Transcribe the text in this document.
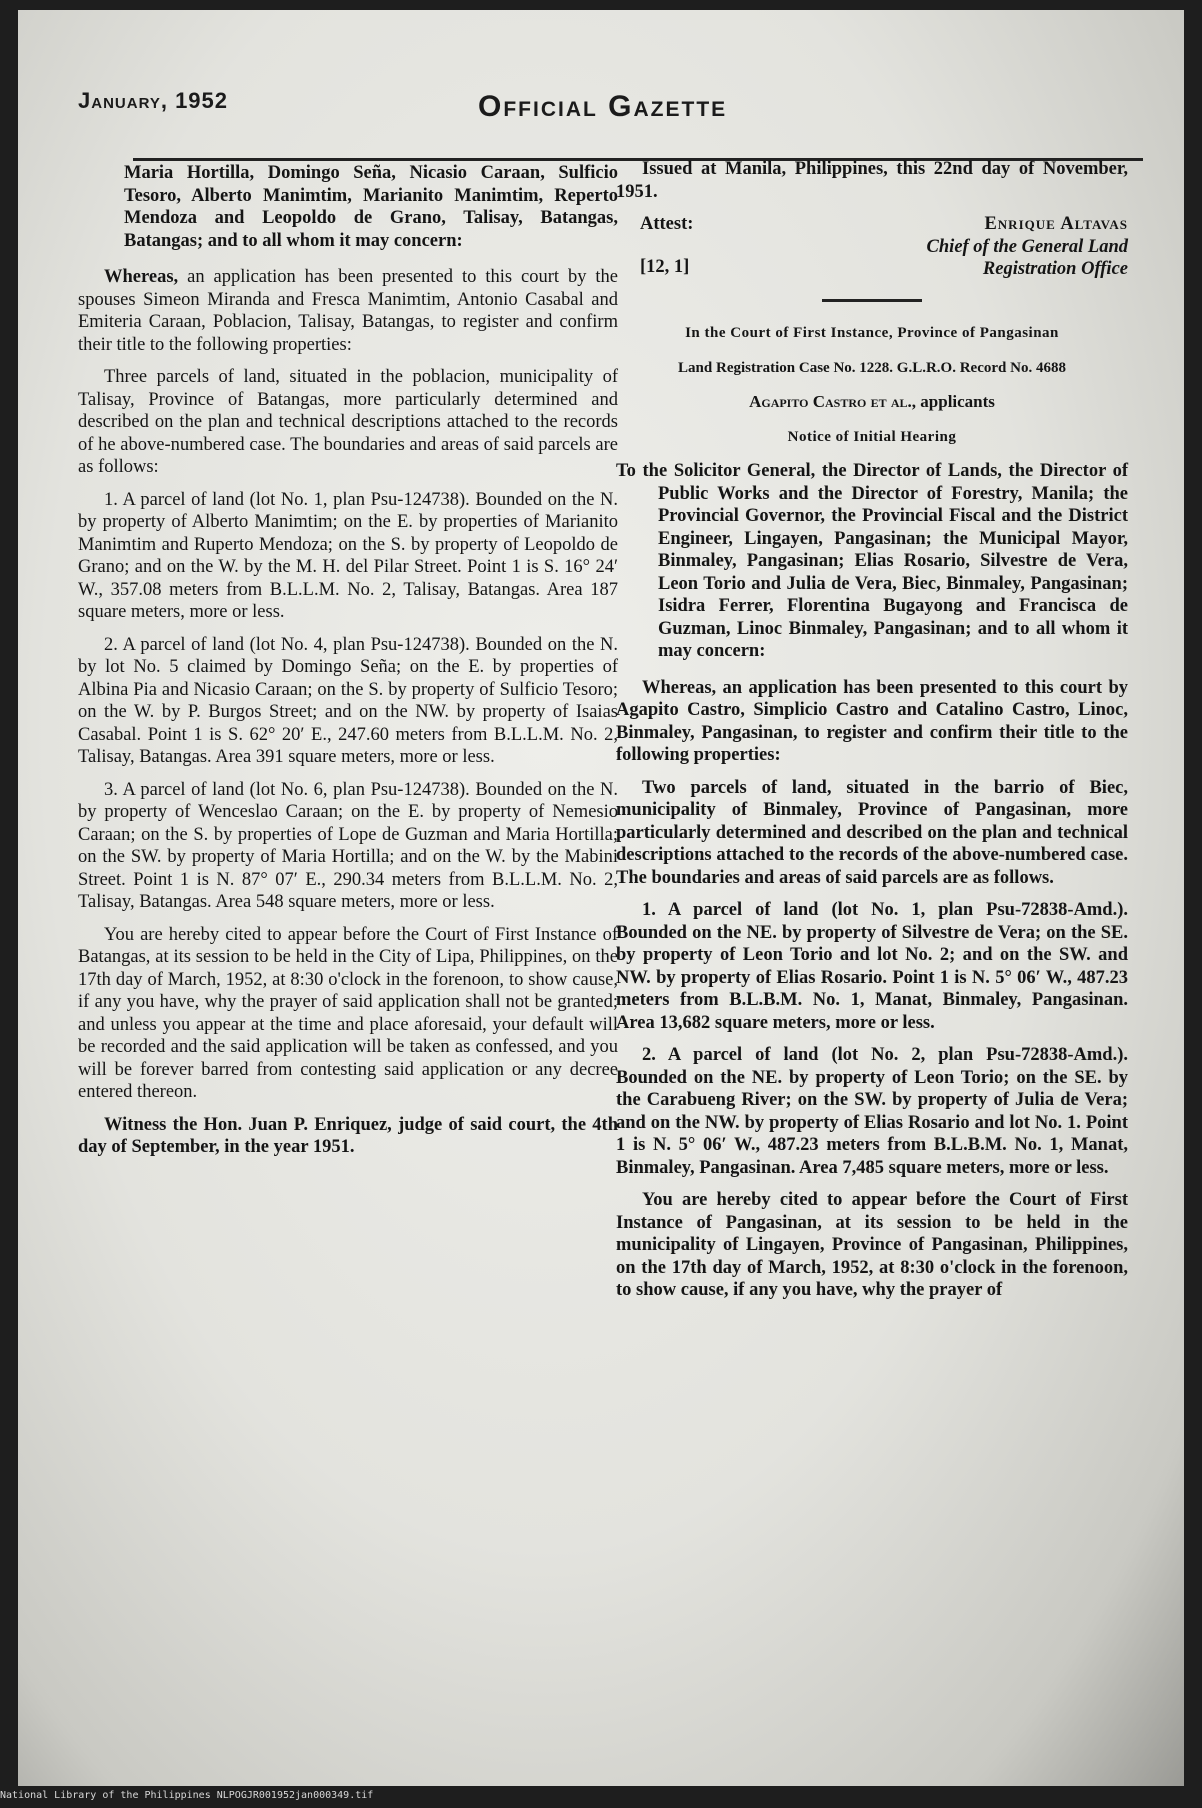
January, 1952	Official Gazette

Maria Hortilla, Domingo Seña, Nicasio Caraan, Sulficio Tesoro, Alberto Manimtim, Marianito Manimtim, Reperto Mendoza and Leopoldo de Grano, Talisay, Batangas, Batangas; and to all whom it may concern:

Whereas, an application has been presented to this court by the spouses Simeon Miranda and Fresca Manimtim, Antonio Casabal and Emiteria Caraan, Poblacion, Talisay, Batangas, to register and confirm their title to the following properties:

Three parcels of land, situated in the poblacion, municipality of Talisay, Province of Batangas, more particularly determined and described on the plan and technical descriptions attached to the records of he above-numbered case. The boundaries and areas of said parcels are as follows:

1. A parcel of land (lot No. 1, plan Psu-124738). Bounded on the N. by property of Alberto Manimtim; on the E. by properties of Marianito Manimtim and Ruperto Mendoza; on the S. by property of Leopoldo de Grano; and on the W. by the M. H. del Pilar Street. Point 1 is S. 16° 24′ W., 357.08 meters from B.L.L.M. No. 2, Talisay, Batangas. Area 187 square meters, more or less.

2. A parcel of land (lot No. 4, plan Psu-124738). Bounded on the N. by lot No. 5 claimed by Domingo Seña; on the E. by properties of Albina Pia and Nicasio Caraan; on the S. by property of Sulficio Tesoro; on the W. by P. Burgos Street; and on the NW. by property of Isaias Casabal. Point 1 is S. 62° 20′ E., 247.60 meters from B.L.L.M. No. 2, Talisay, Batangas. Area 391 square meters, more or less.

3. A parcel of land (lot No. 6, plan Psu-124738). Bounded on the N. by property of Wenceslao Caraan; on the E. by property of Nemesio Caraan; on the S. by properties of Lope de Guzman and Maria Hortilla; on the SW. by property of Maria Hortilla; and on the W. by the Mabini Street. Point 1 is N. 87° 07′ E., 290.34 meters from B.L.L.M. No. 2, Talisay, Batangas. Area 548 square meters, more or less.

You are hereby cited to appear before the Court of First Instance of Batangas, at its session to be held in the City of Lipa, Philippines, on the 17th day of March, 1952, at 8:30 o'clock in the forenoon, to show cause, if any you have, why the prayer of said application shall not be granted; and unless you appear at the time and place aforesaid, your default will be recorded and the said application will be taken as confessed, and you will be forever barred from contesting said application or any decree entered thereon.

Witness the Hon. Juan P. Enriquez, judge of said court, the 4th day of September, in the year 1951.

Issued at Manila, Philippines, this 22nd day of November, 1951.

Attest:
[12, 1]
Enrique Altavas
Chief of the General Land
Registration Office

In the Court of First Instance, Province of Pangasinan

Land Registration Case No. 1228. G.L.R.O. Record No. 4688

Agapito Castro et al., applicants

Notice of Initial Hearing

To the Solicitor General, the Director of Lands, the Director of Public Works and the Director of Forestry, Manila; the Provincial Governor, the Provincial Fiscal and the District Engineer, Lingayen, Pangasinan; the Municipal Mayor, Binmaley, Pangasinan; Elias Rosario, Silvestre de Vera, Leon Torio and Julia de Vera, Biec, Binmaley, Pangasinan; Isidra Ferrer, Florentina Bugayong and Francisca de Guzman, Linoc Binmaley, Pangasinan; and to all whom it may concern:

Whereas, an application has been presented to this court by Agapito Castro, Simplicio Castro and Catalino Castro, Linoc, Binmaley, Pangasinan, to register and confirm their title to the following properties:

Two parcels of land, situated in the barrio of Biec, municipality of Binmaley, Province of Pangasinan, more particularly determined and described on the plan and technical descriptions attached to the records of the above-numbered case. The boundaries and areas of said parcels are as follows.

1. A parcel of land (lot No. 1, plan Psu-72838-Amd.). Bounded on the NE. by property of Silvestre de Vera; on the SE. by property of Leon Torio and lot No. 2; and on the SW. and NW. by property of Elias Rosario. Point 1 is N. 5° 06′ W., 487.23 meters from B.L.B.M. No. 1, Manat, Binmaley, Pangasinan. Area 13,682 square meters, more or less.

2. A parcel of land (lot No. 2, plan Psu-72838-Amd.). Bounded on the NE. by property of Leon Torio; on the SE. by the Carabueng River; on the SW. by property of Julia de Vera; and on the NW. by property of Elias Rosario and lot No. 1. Point 1 is N. 5° 06′ W., 487.23 meters from B.L.B.M. No. 1, Manat, Binmaley, Pangasinan. Area 7,485 square meters, more or less.

You are hereby cited to appear before the Court of First Instance of Pangasinan, at its session to be held in the municipality of Lingayen, Province of Pangasinan, Philippines, on the 17th day of March, 1952, at 8:30 o'clock in the forenoon, to show cause, if any you have, why the prayer of

National Library of the Philippines NLPOGJR001952jan000349.tif
